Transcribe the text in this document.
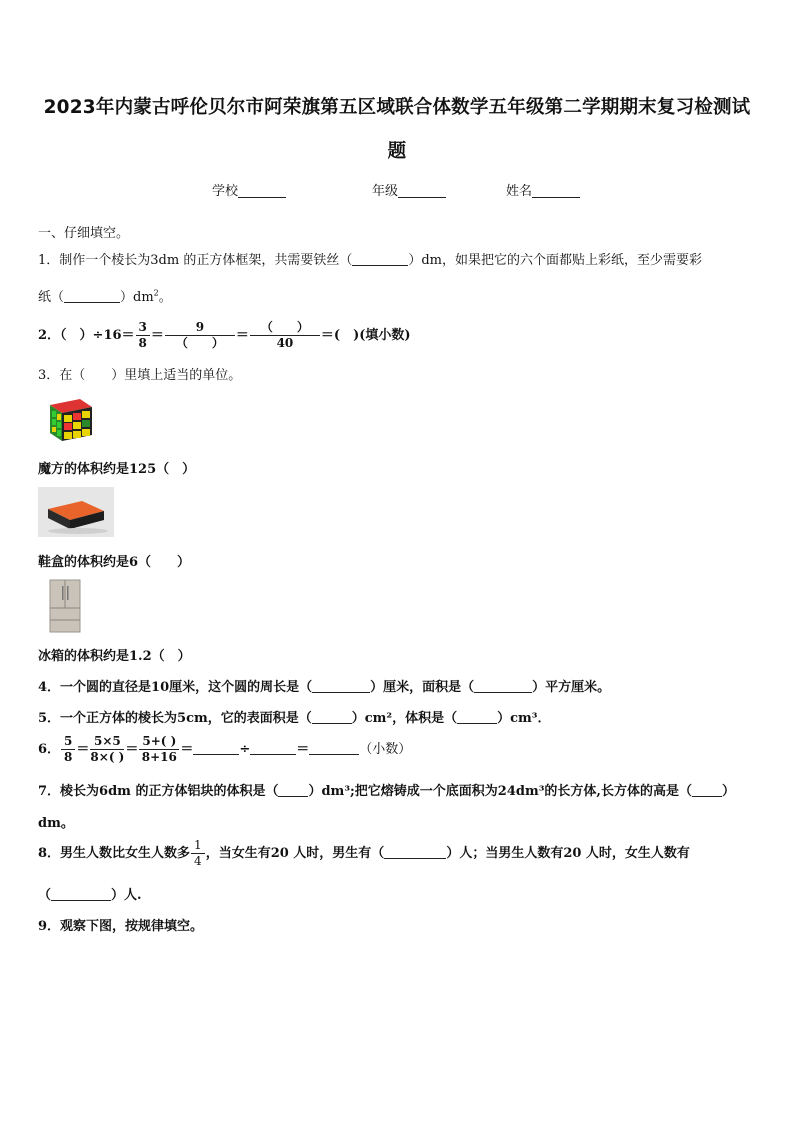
2023年内蒙古呼伦贝尔市阿荣旗第五区域联合体数学五年级第二学期期末复习检测试
题
学校	年级	姓名
一、仔细填空。
1．制作一个棱长为3dm 的正方体框架，共需要铁丝（	）dm，如果把它的六个面都贴上彩纸，至少需要彩
纸（	）$dm^2$。
2．（　）$\div 16= \frac{3}{8} = \frac{9}{( )} = \frac{( )}{40}$ ＝(　)(填小数)
3．在（　　）里填上适当的单位。
魔方的体积约是125（　）
鞋盒的体积约是6（　　）
冰箱的体积约是1.2（　）
4．一个圆的直径是10厘米，这个圆的周长是（	）厘米，面积是（	）平方厘米。
5．一个正方体的棱长为5cm，它的表面积是（	）cm²，体积是（	）cm³．
6． $\frac{5}{8} = \frac{5\times 5}{8\times( )} = \frac{5+( )}{8+16}$ ＝	÷	＝	（小数）
7．棱长为6dm 的正方体铝块的体积是（ ）dm³;把它熔铸成一个底面积为24dm³的长方体,长方体的高是（ ）
dm。
8．男生人数比女生人数多 $\frac{1}{4}$ ，当女生有20 人时，男生有（	）人；当男生人数有20 人时，女生人数有
（	）人.
9．观察下图，按规律填空。
